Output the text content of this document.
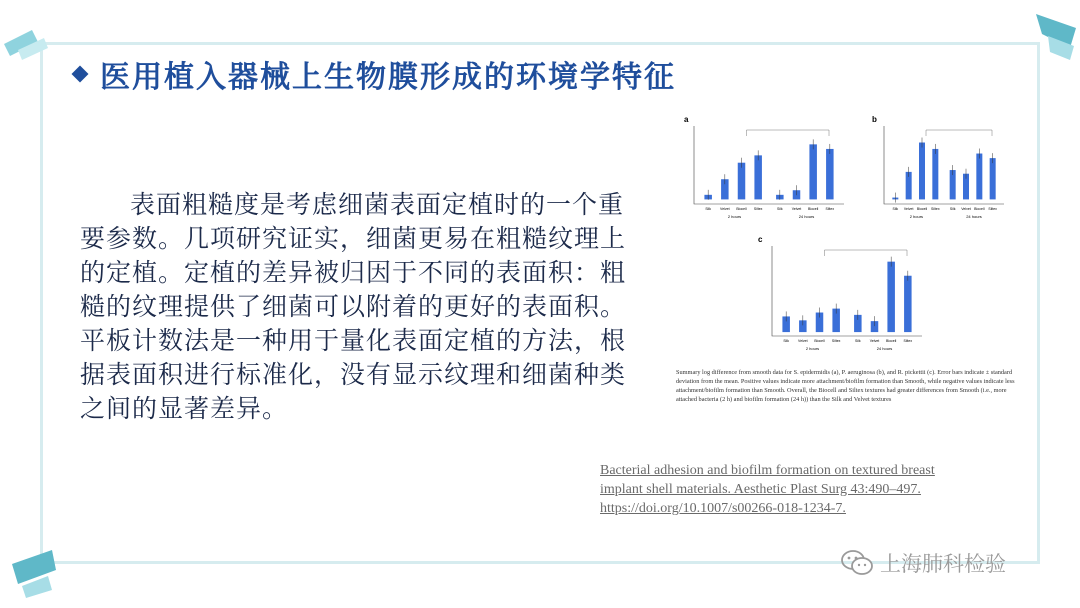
医用植入器械上生物膜形成的环境学特征

表面粗糙度是考虑细菌表面定植时的一个重要参数。几项研究证实，细菌更易在粗糙纹理上的定植。定植的差异被归因于不同的表面积：粗糙的纹理提供了细菌可以附着的更好的表面积。平板计数法是一种用于量化表面定植的方法，根据表面积进行标准化，没有显示纹理和细菌种类之间的显著差异。

a	b
c
Summary log difference from smooth data for S. epidermidis (a), P. aeruginosa (b), and R. pickettii (c). Error bars indicate ± standard deviation from the mean. Positive values indicate more attachment/biofilm formation than Smooth, while negative values indicate less attachment/biofilm formation than Smooth. Overall, the Biocell and Siltex textures had greater differences from Smooth (i.e., more attached bacteria (2 h) and biofilm formation (24 h)) than the Silk and Velvet textures
Silk	Velvet Biocell Siltex	Silk	Velvet Biocell Siltex
2 hours	24 hours
Silk Velvet Biocell Siltex	Silk Velvet Biocell Siltex
2 hours	24 hours
Silk	Velvet Biocell Siltex	Silk	Velvet Biocell Siltex
2 hours	24 hours
Bacterial adhesion and biofilm formation on textured breast
implant shell materials. Aesthetic Plast Surg 43:490–497.
https://doi.org/10.1007/s00266-018-1234-7.
上海肺科检验
